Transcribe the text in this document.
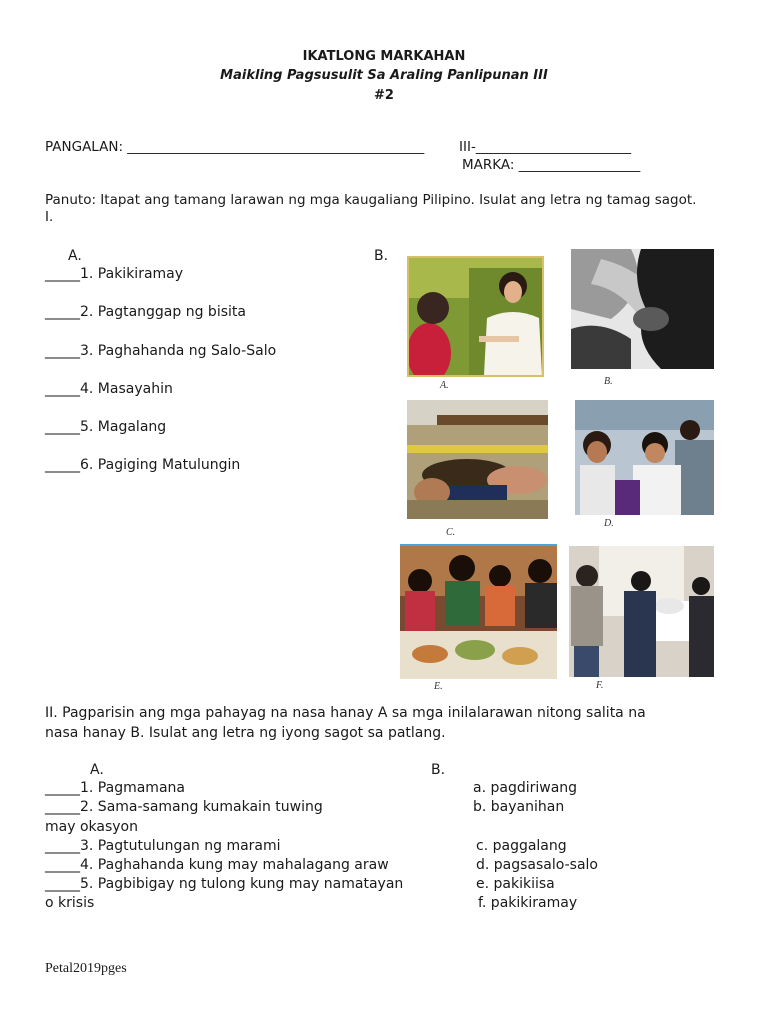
IKATLONG MARKAHAN
Maikling Pagsusulit Sa Araling Panlipunan III
#2
PANGALAN: ____________________________________________	III-_______________________
MARKA: __________________
Panuto: Itapat ang tamang larawan ng mga kaugaliang Pilipino. Isulat ang letra ng tamag sagot.
I.
A.	B.
_____1. Pakikiramay
_____2. Pagtanggap ng bisita
_____3. Paghahanda ng Salo-Salo
_____4. Masayahin
_____5. Magalang
_____6. Pagiging Matulungin
A.	B.
C.
D.
E.	F.
II. Pagparisin ang mga pahayag na nasa hanay A sa mga inilalarawan nitong salita na
nasa hanay B. Isulat ang letra ng iyong sagot sa patlang.
A.	B.
_____1. Pagmamana
_____2. Sama-samang kumakain tuwing
may okasyon
_____3. Pagtutulungan ng marami
_____4. Paghahanda kung may mahalagang araw
_____5. Pagbibigay ng tulong kung may namatayan
o krisis
a. pagdiriwang
b. bayanihan
c. paggalang
d. pagsasalo-salo
e. pakikiisa
f. pakikiramay
Petal2019pges
